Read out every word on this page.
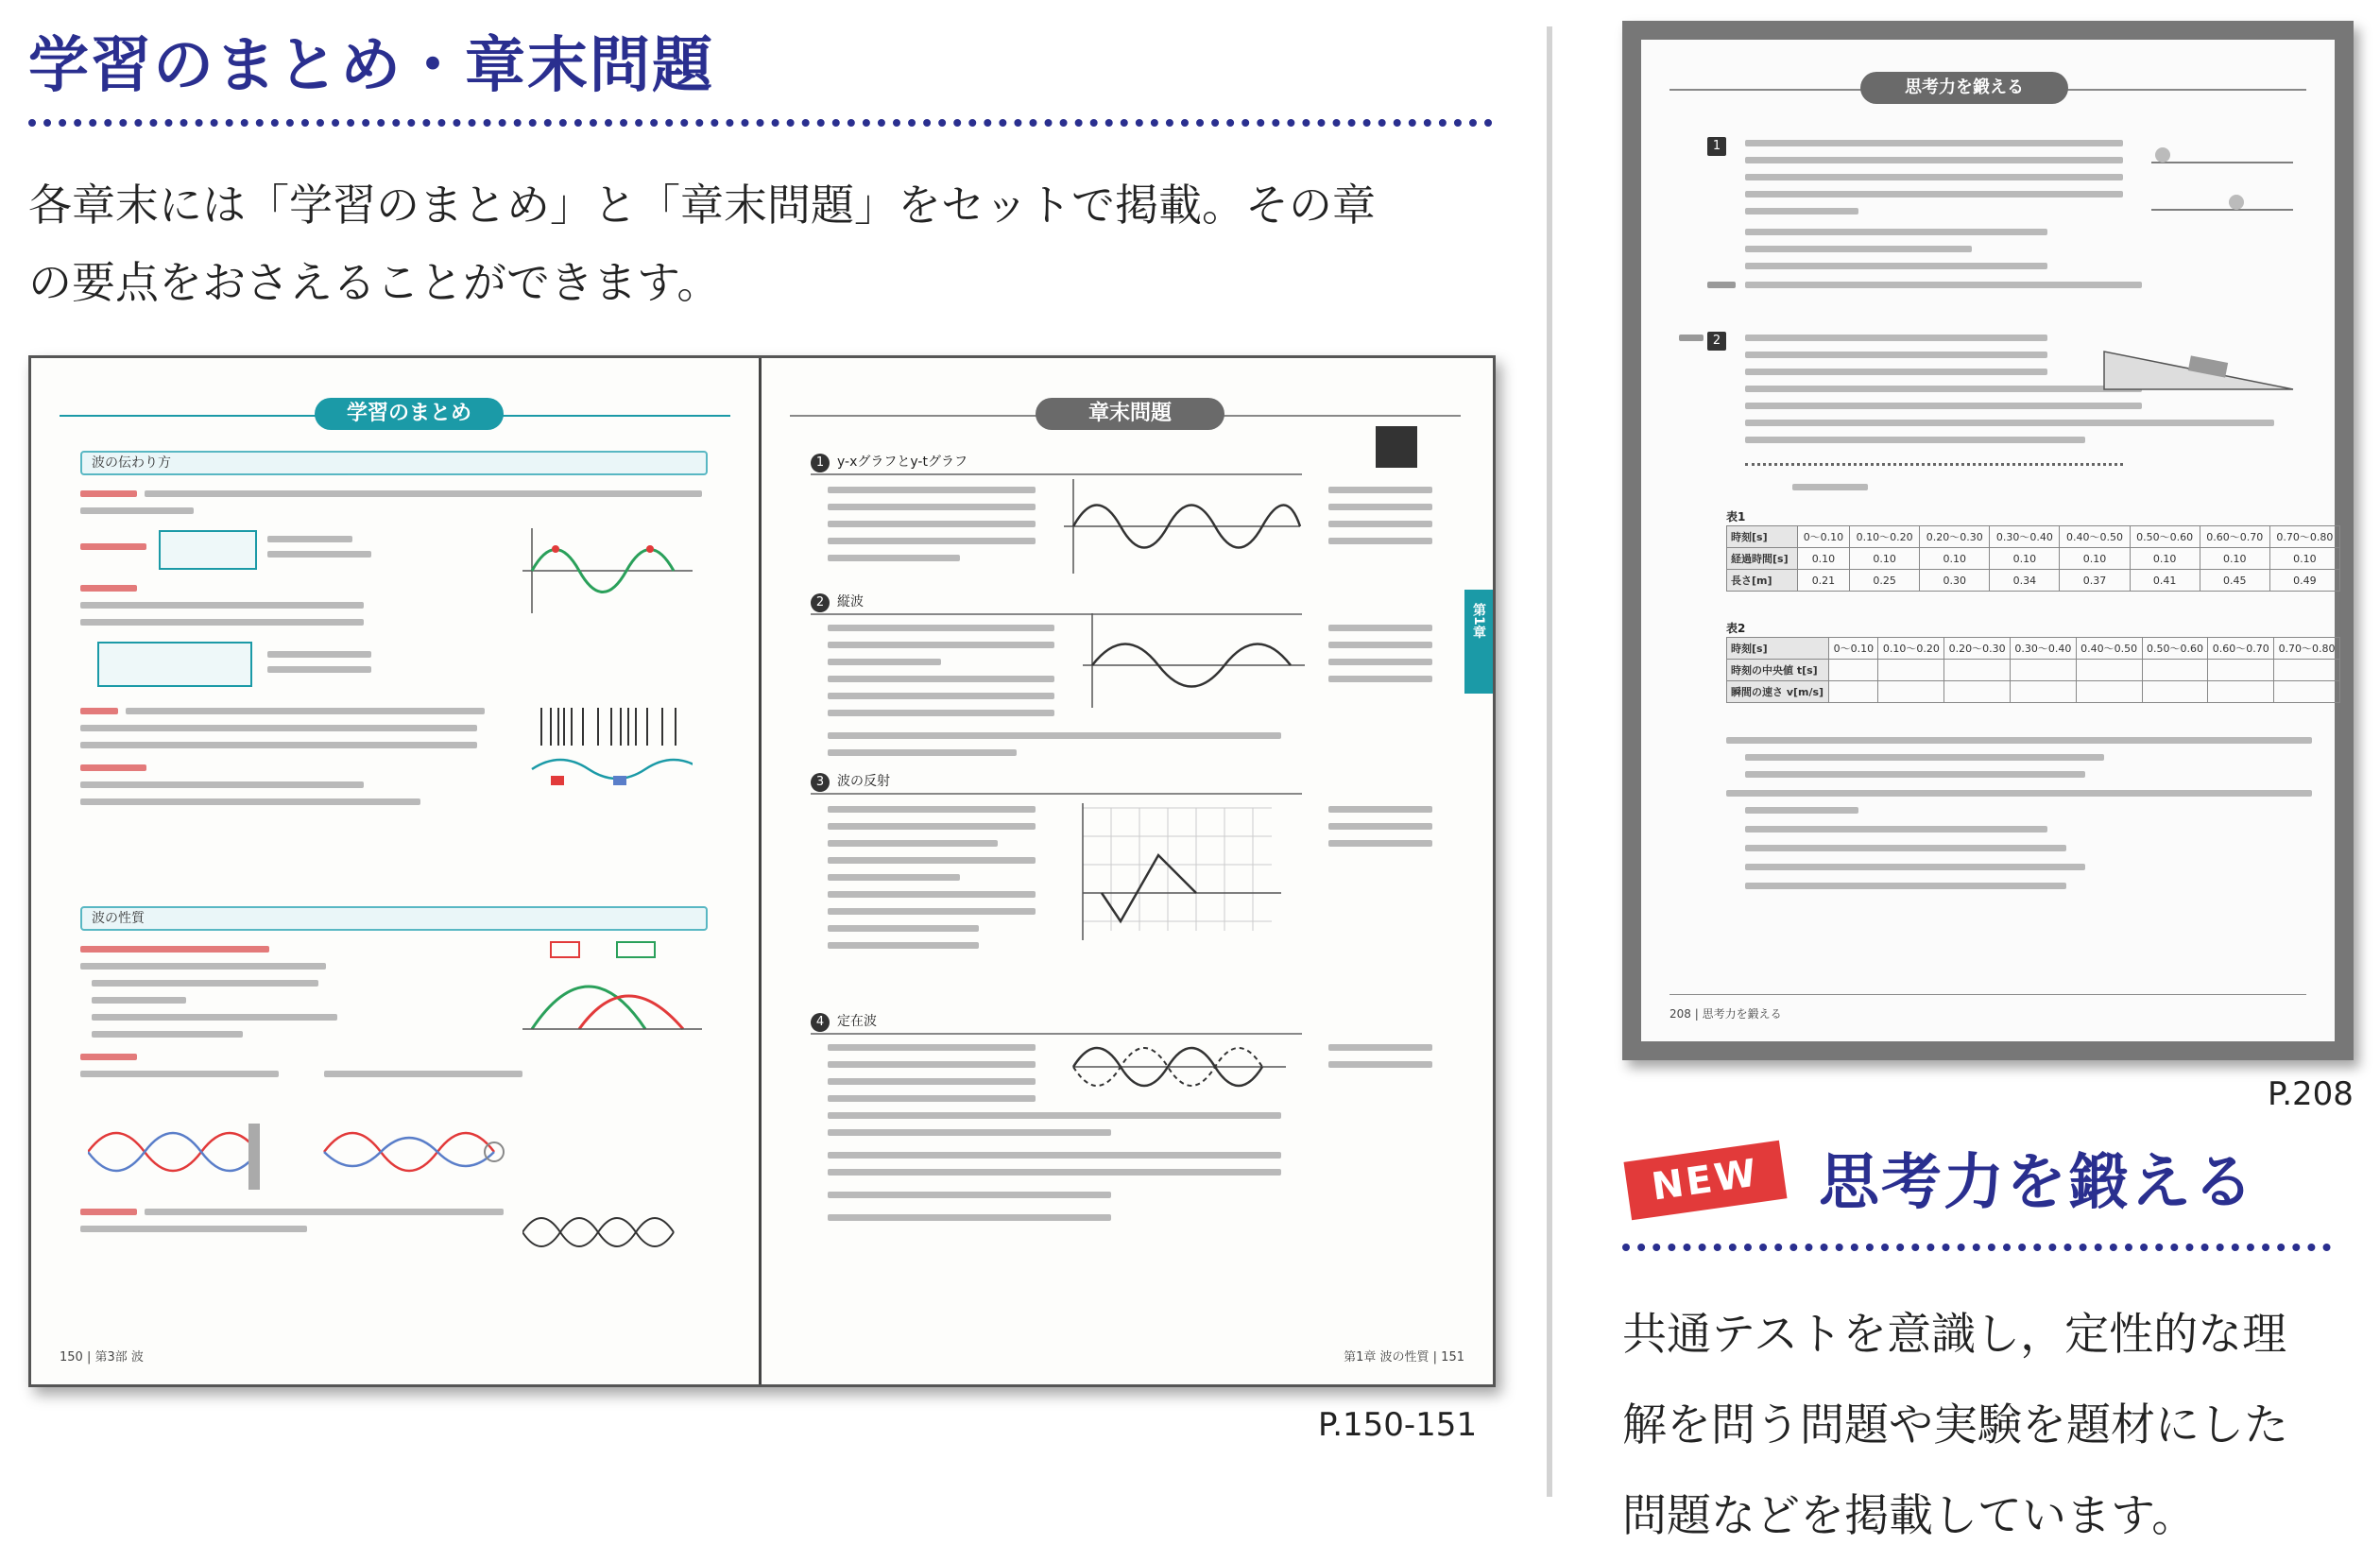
学習のまとめ・章末問題
各章末には「学習のまとめ」と「章末問題」をセットで掲載。その章
の要点をおさえることができます。
学習のまとめ
波の伝わり方
波の性質
150 | 第3部 波
章末問題
1 y-xグラフとy-tグラフ
2 縦波
3 波の反射
4 定在波
第1章
第1章 波の性質 | 151
P.150-151
思考力を鍛える
1
2
表1
時刻[s]	0〜0.10	0.10〜0.20	0.20〜0.30	0.30〜0.40	0.40〜0.50	0.50〜0.60	0.60〜0.70	0.70〜0.80
経過時間[s]	0.10	0.10	0.10	0.10	0.10	0.10	0.10	0.10
長さ[m]	0.21	0.25	0.30	0.34	0.37	0.41	0.45	0.49
表2
時刻[s]	0〜0.10	0.10〜0.20	0.20〜0.30	0.30〜0.40	0.40〜0.50	0.50〜0.60	0.60〜0.70	0.70〜0.80
時刻の中央値 t[s]								
瞬間の速さ v[m/s]								
208 | 思考力を鍛える
P.208
NEW 思考力を鍛える
共通テストを意識し，定性的な理
解を問う問題や実験を題材にした
問題などを掲載しています。
